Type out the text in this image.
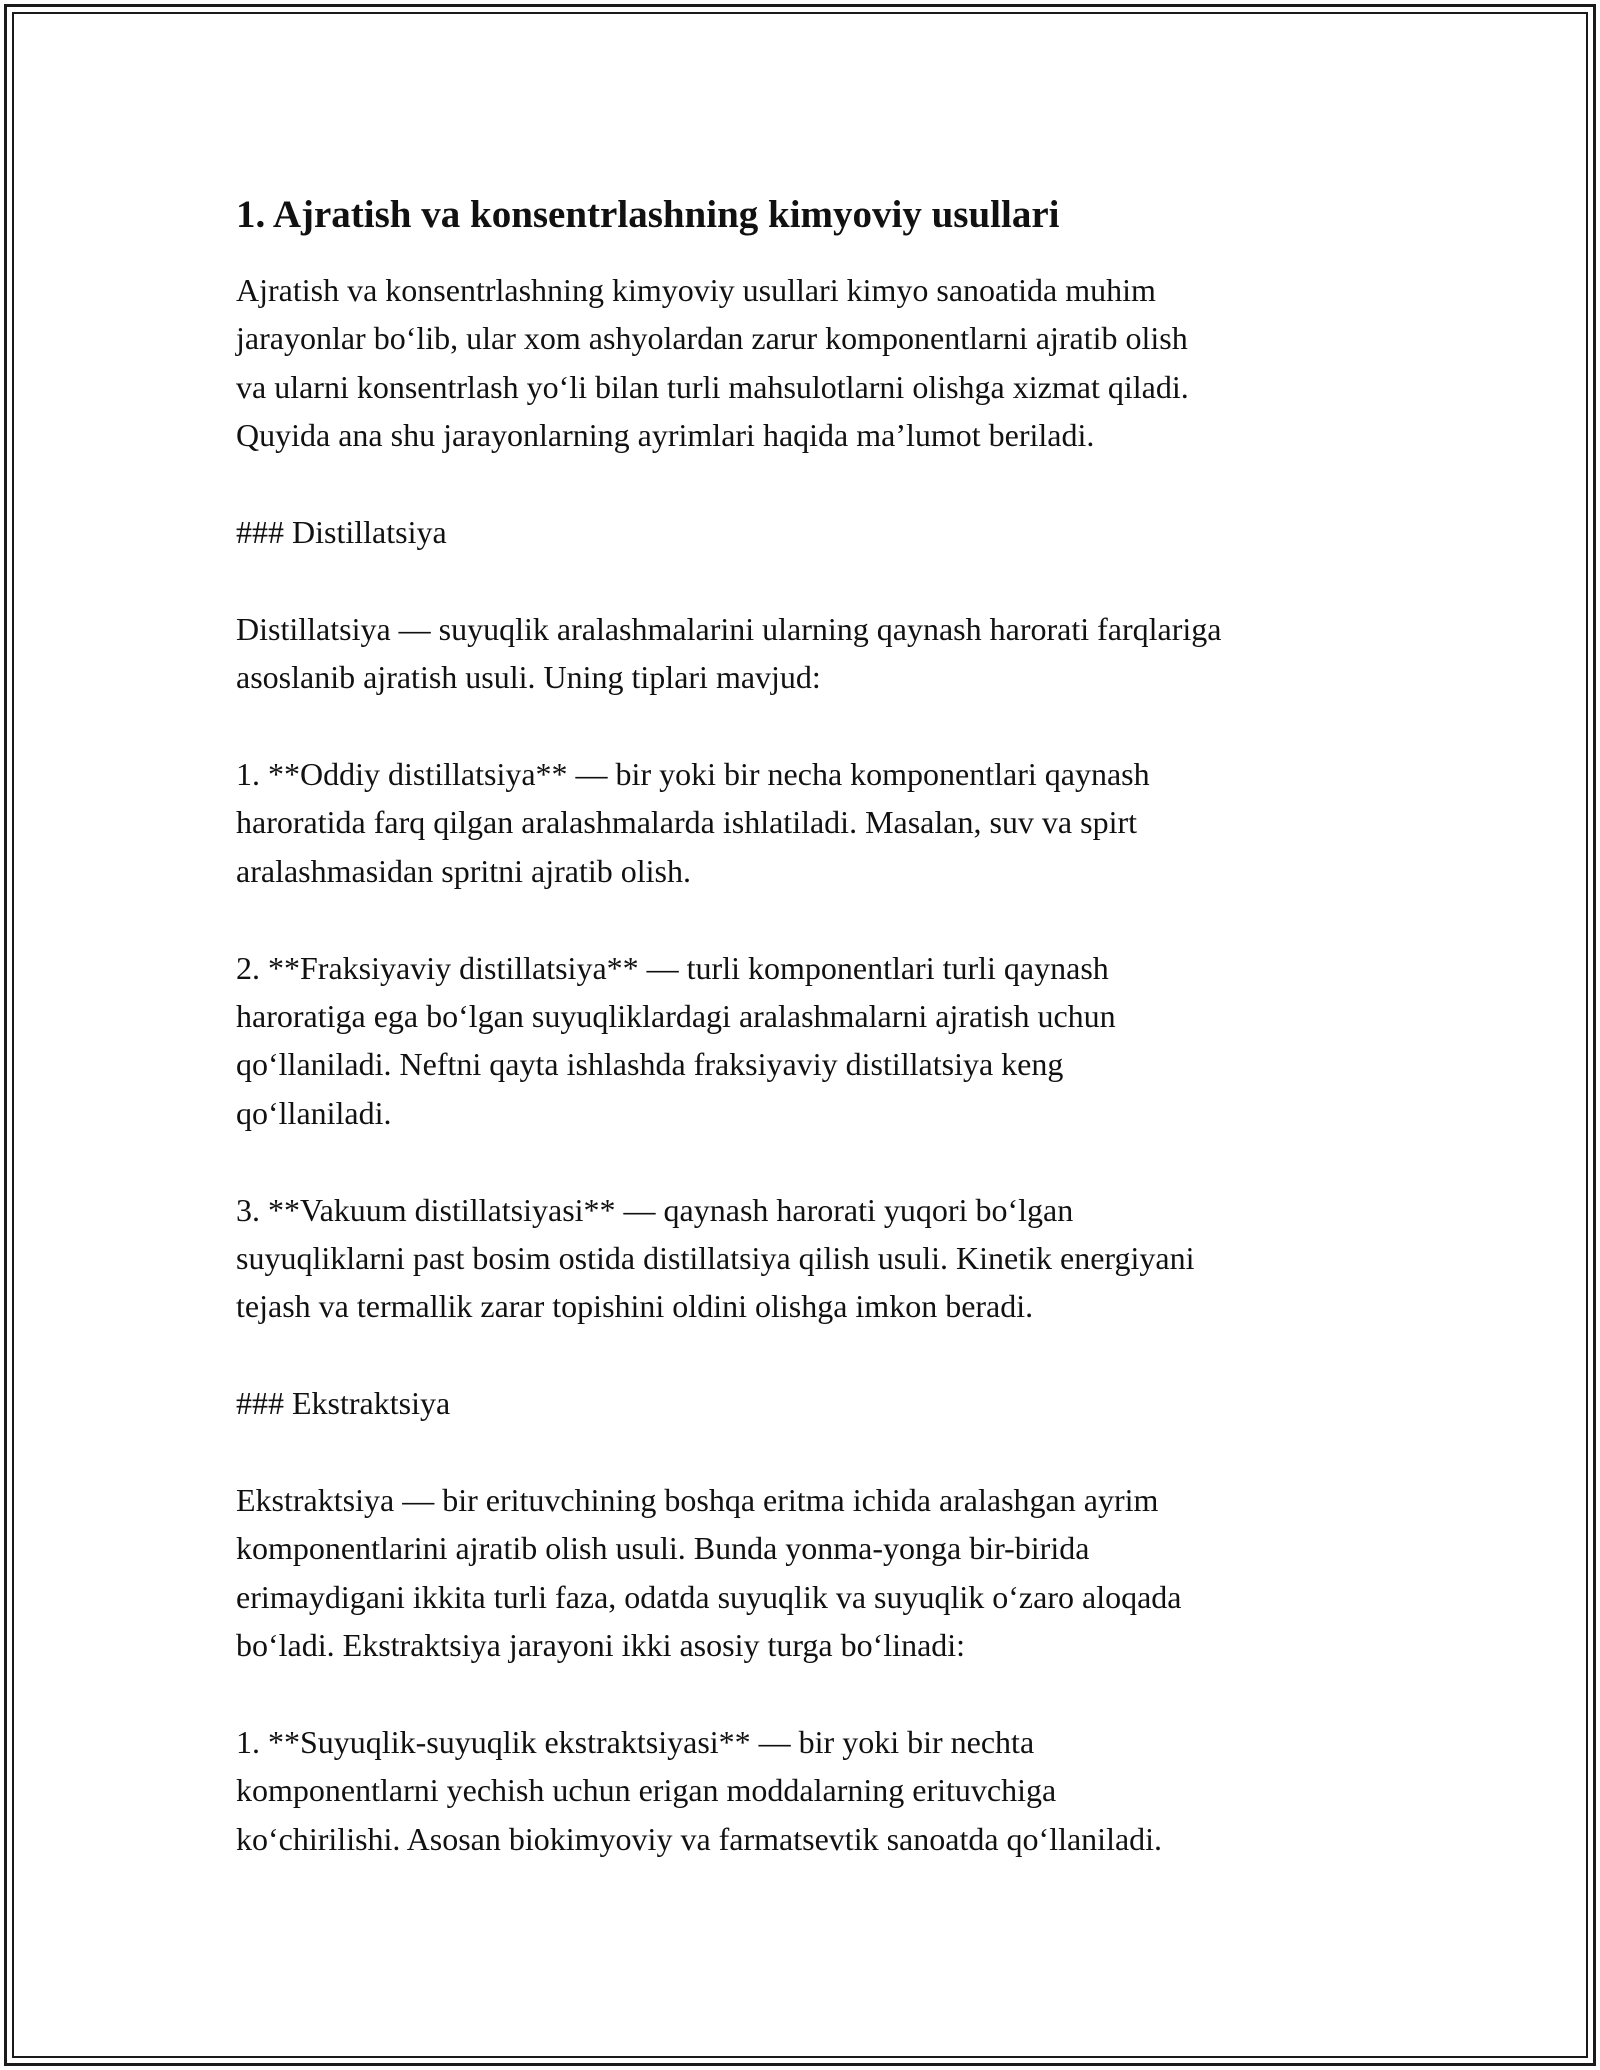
1. Ajratish va konsentrlashning kimyoviy usullari

Ajratish va konsentrlashning kimyoviy usullari kimyo sanoatida muhim
jarayonlar bo‘lib, ular xom ashyolardan zarur komponentlarni ajratib olish
va ularni konsentrlash yo‘li bilan turli mahsulotlarni olishga xizmat qiladi.
Quyida ana shu jarayonlarning ayrimlari haqida ma’lumot beriladi.

### Distillatsiya

Distillatsiya — suyuqlik aralashmalarini ularning qaynash harorati farqlariga
asoslanib ajratish usuli. Uning tiplari mavjud:

1. **Oddiy distillatsiya** — bir yoki bir necha komponentlari qaynash
haroratida farq qilgan aralashmalarda ishlatiladi. Masalan, suv va spirt
aralashmasidan spritni ajratib olish.

2. **Fraksiyaviy distillatsiya** — turli komponentlari turli qaynash
haroratiga ega bo‘lgan suyuqliklardagi aralashmalarni ajratish uchun
qo‘llaniladi. Neftni qayta ishlashda fraksiyaviy distillatsiya keng
qo‘llaniladi.

3. **Vakuum distillatsiyasi** — qaynash harorati yuqori bo‘lgan
suyuqliklarni past bosim ostida distillatsiya qilish usuli. Kinetik energiyani
tejash va termallik zarar topishini oldini olishga imkon beradi.

### Ekstraktsiya

Ekstraktsiya — bir erituvchining boshqa eritma ichida aralashgan ayrim
komponentlarini ajratib olish usuli. Bunda yonma-yonga bir-birida
erimaydigani ikkita turli faza, odatda suyuqlik va suyuqlik o‘zaro aloqada
bo‘ladi. Ekstraktsiya jarayoni ikki asosiy turga bo‘linadi:

1. **Suyuqlik-suyuqlik ekstraktsiyasi** — bir yoki bir nechta
komponentlarni yechish uchun erigan moddalarning erituvchiga
ko‘chirilishi. Asosan biokimyoviy va farmatsevtik sanoatda qo‘llaniladi.
